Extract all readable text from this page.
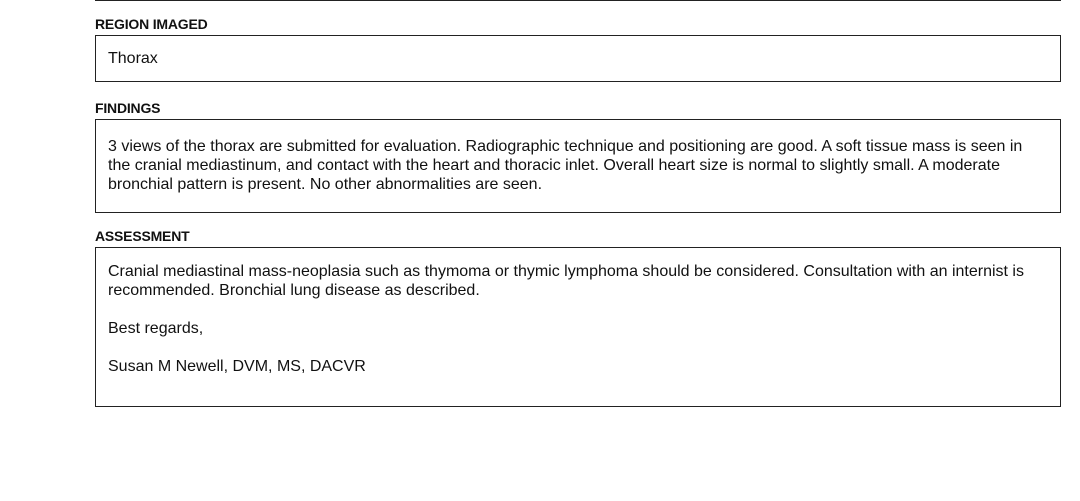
REGION IMAGED

Thorax

FINDINGS

3 views of the thorax are submitted for evaluation. Radiographic technique and positioning are good. A soft tissue mass is seen in the cranial mediastinum, and contact with the heart and thoracic inlet. Overall heart size is normal to slightly small. A moderate bronchial pattern is present. No other abnormalities are seen.

ASSESSMENT

Cranial mediastinal mass-neoplasia such as thymoma or thymic lymphoma should be considered. Consultation with an internist is recommended. Bronchial lung disease as described.

Best regards,

Susan M Newell, DVM, MS, DACVR
